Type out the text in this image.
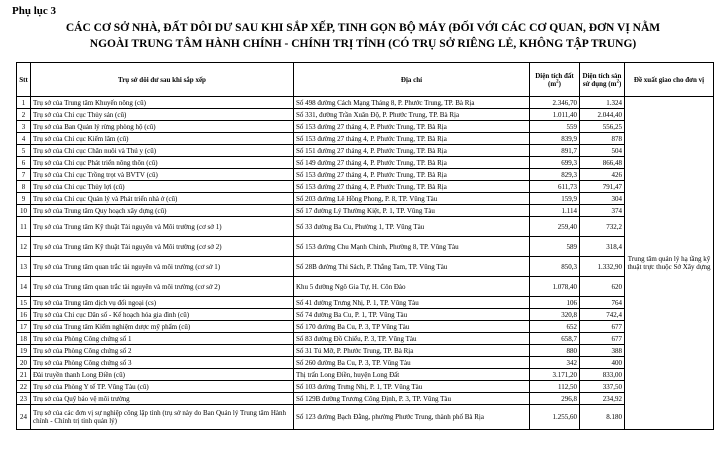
Phụ lục 3
CÁC CƠ SỞ NHÀ, ĐẤT DÔI DƯ SAU KHI SẮP XẾP, TINH GỌN BỘ MÁY (ĐỐI VỚI CÁC CƠ QUAN, ĐƠN VỊ NẰM
NGOÀI TRUNG TÂM HÀNH CHÍNH - CHÍNH TRỊ TỈNH (CÓ TRỤ SỞ RIÊNG LẺ, KHÔNG TẬP TRUNG)
Stt	Trụ sở dôi dư sau khi sắp xếp	Địa chỉ	Diện tích đất $(m^2)$	Diện tích sàn sử dụng $(m^2)$	Đề xuất giao cho đơn vị
1	Trụ sở của Trung tâm Khuyến nông (cũ)	Số 498 đường Cách Mạng Tháng 8, P. Phước Trung, TP. Bà Rịa	2.346,70	1.324	Trung tâm quản lý hạ tầng kỹ thuật trực thuộc Sở Xây dựng
2	Trụ sở của Chi cục Thủy sản (cũ)	Số 331, đường Trần Xuân Độ, P. Phước Trung, TP. Bà Rịa	1.011,40	2.044,40	
3	Trụ sở của Ban Quản lý rừng phòng hộ (cũ)	Số 153 đường 27 tháng 4, P. Phước Trung, TP. Bà Rịa	559	556,25	
4	Trụ sở của Chi cục Kiểm lâm (cũ)	Số 153 đường 27 tháng 4, P. Phước Trung, TP. Bà Rịa	839,9	878	
5	Trụ sở của Chi cục Chăn nuôi và Thú y (cũ)	Số 151 đường 27 tháng 4, P. Phước Trung, TP. Bà Rịa	891,7	504	
6	Trụ sở của Chi cục Phát triển nông thôn (cũ)	Số 149 đường 27 tháng 4, P. Phước Trung, TP. Bà Rịa	699,3	866,48	
7	Trụ sở của Chi cục Trồng trọt và BVTV (cũ)	Số 153 đường 27 tháng 4, P. Phước Trung, TP. Bà Rịa	829,3	426	
8	Trụ sở của Chi cục Thủy lợi (cũ)	Số 153 đường 27 tháng 4, P. Phước Trung, TP. Bà Rịa	611,73	791,47	
9	Trụ sở của Chi cục Quản lý và Phát triển nhà ở (cũ)	Số 203 đường Lê Hồng Phong, P. 8, TP. Vũng Tàu	159,9	304	
10	Trụ sở của Trung tâm Quy hoạch xây dựng (cũ)	Số 17 đường Lý Thường Kiệt, P. 1, TP. Vũng Tàu	1.114	374	
11	Trụ sở của Trung tâm Kỹ thuật Tài nguyên và Môi trường (cơ sở 1)	Số 33 đường Ba Cu, Phường 1, TP. Vũng Tàu	259,40	732,2	
12	Trụ sở của Trung tâm Kỹ thuật Tài nguyên và Môi trường (cơ sở 2)	Số 153 đường Chu Mạnh Chinh, Phường 8, TP. Vũng Tàu	589	318,4	
13	Trụ sở của Trung tâm quan trắc tài nguyên và môi trường (cơ sở 1)	Số 28B đường Thi Sách, P. Thắng Tam, TP. Vũng Tàu	850,3	1.332,90	
14	Trụ sở của Trung tâm quan trắc tài nguyên và môi trường (cơ sở 2)	Khu 5 đường Ngô Gia Tự, H. Côn Đảo	1.078,40	620	
15	Trụ sở của Trung tâm dịch vụ đối ngoại (cs)	Số 41 đường Trưng Nhị, P. 1, TP. Vũng Tàu	106	764	
16	Trụ sở của Chi cục Dân số - Kế hoạch hóa gia đình (cũ)	Số 74 đường Ba Cu, P. 1, TP. Vũng Tàu	320,8	742,4	
17	Trụ sở của Trung tâm Kiểm nghiệm dược mỹ phẩm (cũ)	Số 170 đường Ba Cu, P. 3, TP Vũng Tàu	652	677	
18	Trụ sở của Phòng Công chứng số 1	Số 83 đường Đồ Chiểu, P. 3, TP. Vũng Tàu	658,7	677	
19	Trụ sở của Phòng Công chứng số 2	Số 31 Tú Mỡ, P. Phước Trung, TP. Bà Rịa	880	388	
20	Trụ sở của Phòng Công chứng số 3	Số 260 đường Ba Cu, P. 3, TP. Vũng Tàu	342	400	
21	Đài truyền thanh Long Điền (cũ)	Thị trấn Long Điền, huyện Long Đất	3.171,20	833,00	
22	Trụ sở của Phòng Y tế TP. Vũng Tàu (cũ)	Số 103 đường Trưng Nhị, P. 1, TP. Vũng Tàu	112,50	337,50	
23	Trụ sở của Quỹ bảo vệ môi trường	Số 129B đường Trương Công Định, P. 3, TP. Vũng Tàu	296,8	234,92	
24	Trụ sở của các đơn vị sự nghiệp công lập tỉnh (trụ sở này do Ban Quản lý Trung tâm Hành chính - Chính trị tỉnh quản lý)	Số 123 đường Bạch Đằng, phường Phước Trung, thành phố Bà Rịa	1.255,60	8.180	
